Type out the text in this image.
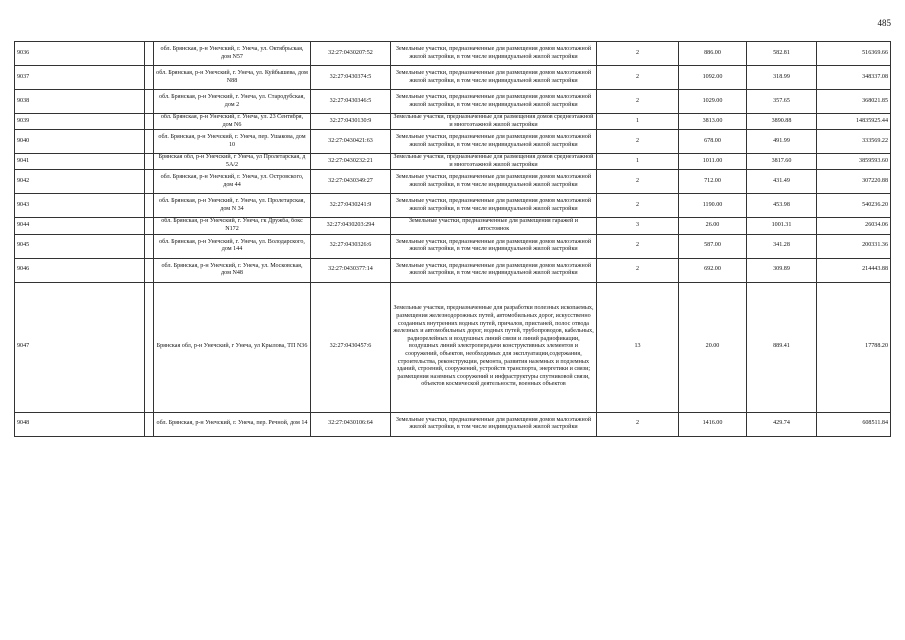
485
9036		обл. Брянская, р-н Унечский, г. Унеча, ул. Октябрьская, дом N57	32:27:0430207:52	Земельные участки, предназначенные для размещения домов малоэтажной жилой застройки, в том числе индивидуальной жилой застройки	2	886.00	582.81	516369.66
9037		обл. Брянская, р-н Унечский, г. Унеча, ул. Куйбышева, дом N88	32:27:0430374:5	Земельные участки, предназначенные для размещения домов малоэтажной жилой застройки, в том числе индивидуальной жилой застройки	2	1092.00	318.99	348337.08
9038		обл. Брянская, р-н Унечский, г. Унеча, ул. Стародубская, дом 2	32:27:0430346:5	Земельные участки, предназначенные для размещения домов малоэтажной жилой застройки, в том числе индивидуальной жилой застройки	2	1029.00	357.65	368021.85
9039		обл. Брянская, р-н Унечский, г. Унеча, ул. 23 Сентября, дом N6	32:27:0430130:9	Земельные участки, предназначенные для размещения домов среднеэтажной и многоэтажной жилой застройки	1	3813.00	3890.88	14835925.44
9040		обл. Брянская, р-н Унечский, г. Унеча, пер. Ушакова, дом 10	32:27:0430421:63	Земельные участки, предназначенные для размещения домов малоэтажной жилой застройки, в том числе индивидуальной жилой застройки	2	678.00	491.99	333569.22
9041		Брянская обл, р-н Унечский, г Унеча, ул Пролетарская, д 5А/2	32:27:0430232:21	Земельные участки, предназначенные для размещения домов среднеэтажной и многоэтажной жилой застройки	1	1011.00	3817.60	3859593.60
9042		обл. Брянская, р-н Унечский, г. Унеча, ул. Островского, дом 44	32:27:0430349:27	Земельные участки, предназначенные для размещения домов малоэтажной жилой застройки, в том числе индивидуальной жилой застройки	2	712.00	431.49	307220.88
9043		обл. Брянская, р-н Унечский, г. Унеча, ул. Пролетарская, дом N 34	32:27:0430241:9	Земельные участки, предназначенные для размещения домов малоэтажной жилой застройки, в том числе индивидуальной жилой застройки	2	1190.00	453.98	540236.20
9044		обл. Брянская, р-н Унечский, г. Унеча, гк Дружба, бокс N172	32:27:0430203:294	Земельные участки, предназначенные для размещения гаражей и автостоянок	3	26.00	1001.31	26034.06
9045		обл. Брянская, р-н Унечский, г. Унеча, ул. Володарского, дом 144	32:27:0430326:6	Земельные участки, предназначенные для размещения домов малоэтажной жилой застройки, в том числе индивидуальной жилой застройки	2	587.00	341.28	200331.36
9046		обл. Брянская, р-н Унечский, г. Унеча, ул. Московская, дом N48	32:27:0430377:14	Земельные участки, предназначенные для размещения домов малоэтажной жилой застройки, в том числе индивидуальной жилой застройки	2	692.00	309.89	214443.88
9047		Брянская обл, р-н Унечский, г Унеча, ул Крылова, ТП N36	32:27:0430457:6	Земельные участки, предназначенные для разработки полезных ископаемых, размещения железнодорожных путей, автомобильных дорог, искусственно созданных внутренних водных путей, причалов, пристаней, полос отвода железных и автомобильных дорог, водных путей, трубопроводов, кабельных, радиорелейных и воздушных линий связи и линий радиофикации, воздушных линий электропередачи конструктивных элементов и сооружений, объектов, необходимых для эксплуатации,содержания, строительства, реконструкции, ремонта, развития наземных и подземных зданий, строений, сооружений, устройств транспорта, энергетики и связи; размещения наземных сооружений и инфраструктуры спутниковой связи, объектов космической деятельности, военных объектов	13	20.00	889.41	17788.20
9048		обл. Брянская, р-н Унечский, г. Унеча, пер. Речной, дом 14	32:27:0430106:64	Земельные участки, предназначенные для размещения домов малоэтажной жилой застройки, в том числе индивидуальной жилой застройки	2	1416.00	429.74	608511.84
